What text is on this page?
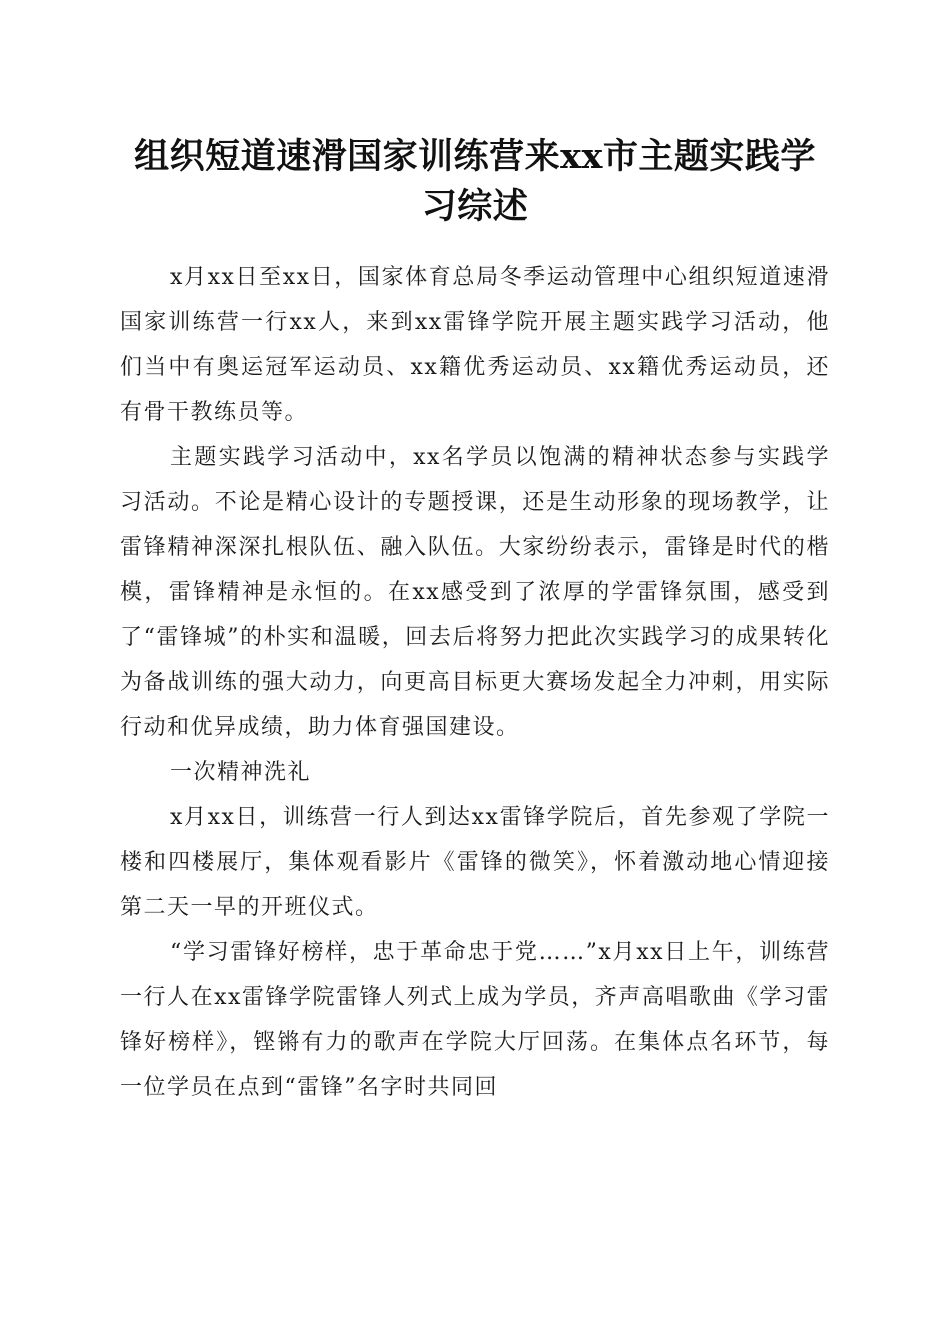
组织短道速滑国家训练营来xx市主题实践学习综述

x月xx日至xx日，国家体育总局冬季运动管理中心组织短道速滑国家训练营一行xx人，来到xx雷锋学院开展主题实践学习活动，他们当中有奥运冠军运动员、xx籍优秀运动员、xx籍优秀运动员，还有骨干教练员等。

主题实践学习活动中，xx名学员以饱满的精神状态参与实践学习活动。不论是精心设计的专题授课，还是生动形象的现场教学，让雷锋精神深深扎根队伍、融入队伍。大家纷纷表示，雷锋是时代的楷模，雷锋精神是永恒的。在xx感受到了浓厚的学雷锋氛围，感受到了“雷锋城”的朴实和温暖，回去后将努力把此次实践学习的成果转化为备战训练的强大动力，向更高目标更大赛场发起全力冲刺，用实际行动和优异成绩，助力体育强国建设。

一次精神洗礼

x月xx日，训练营一行人到达xx雷锋学院后，首先参观了学院一楼和四楼展厅，集体观看影片《雷锋的微笑》，怀着激动地心情迎接第二天一早的开班仪式。

“学习雷锋好榜样，忠于革命忠于党……”x月xx日上午，训练营一行人在xx雷锋学院雷锋人列式上成为学员，齐声高唱歌曲《学习雷锋好榜样》，铿锵有力的歌声在学院大厅回荡。在集体点名环节，每一位学员在点到“雷锋”名字时共同回
